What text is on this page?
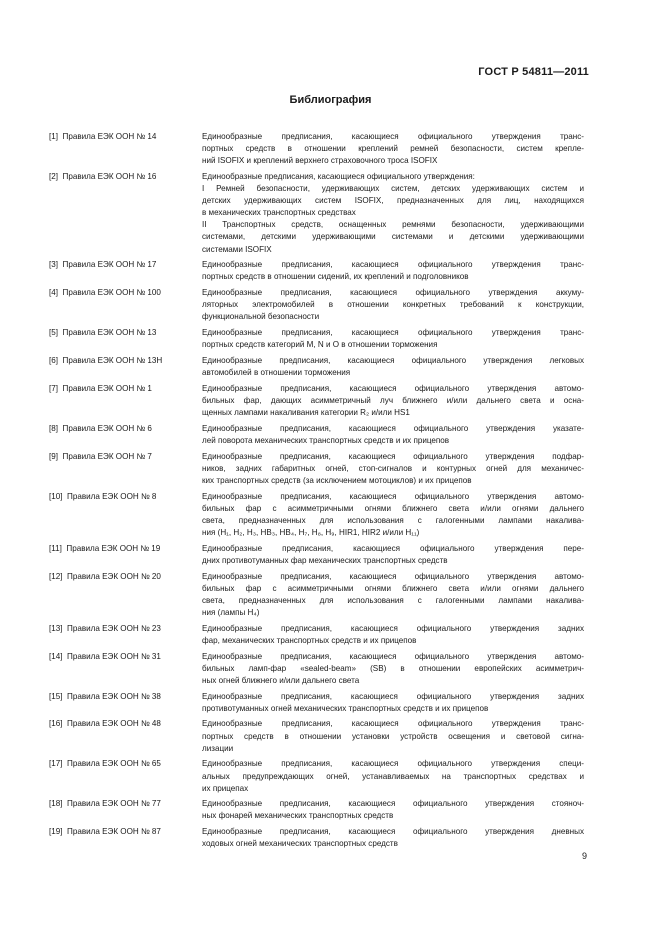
ГОСТ Р 54811—2011
Библиография
[1]  Правила ЕЭК ООН № 14	Единообразные предписания, касающиеся официального утверждения транс-
портных средств в отношении креплений ремней безопасности, систем крепле-
ний ISOFIX и креплений верхнего страховочного троса ISOFIX
[2]  Правила ЕЭК ООН № 16	Единообразные предписания, касающиеся официального утверждения:
I Ремней безопасности, удерживающих систем, детских удерживающих систем и
детских удерживающих систем ISOFIX, предназначенных для лиц, находящихся
в механических транспортных средствах
II Транспортных средств, оснащенных ремнями безопасности, удерживающими
системами, детскими удерживающими системами и детскими удерживающими
системами ISOFIX
[3]  Правила ЕЭК ООН № 17	Единообразные предписания, касающиеся официального утверждения транс-
портных средств в отношении сидений, их креплений и подголовников
[4]  Правила ЕЭК ООН № 100	Единообразные предписания, касающиеся официального утверждения аккуму-
ляторных электромобилей в отношении конкретных требований к конструкции,
функциональной безопасности
[5]  Правила ЕЭК ООН № 13	Единообразные предписания, касающиеся официального утверждения транс-
портных средств категорий M, N и O в отношении торможения
[6]  Правила ЕЭК ООН № 13Н	Единообразные предписания, касающиеся официального утверждения легковых
автомобилей в отношении торможения
[7]  Правила ЕЭК ООН № 1	Единообразные предписания, касающиеся официального утверждения автомо-
бильных фар, дающих асимметричный луч ближнего и/или дальнего света и осна-
щенных лампами накаливания категории R₂ и/или HS1
[8]  Правила ЕЭК ООН № 6	Единообразные предписания, касающиеся официального утверждения указате-
лей поворота механических транспортных средств и их прицепов
[9]  Правила ЕЭК ООН № 7	Единообразные предписания, касающиеся официального утверждения подфар-
ников, задних габаритных огней, стоп-сигналов и контурных огней для механичес-
ких транспортных средств (за исключением мотоциклов) и их прицепов
[10]  Правила ЕЭК ООН № 8	Единообразные предписания, касающиеся официального утверждения автомо-
бильных фар с асимметричными огнями ближнего света и/или огнями дальнего
света, предназначенных для использования с галогенными лампами накалива-
ния (H₁, H₂, H₃, HB₃, HB₄, H₇, H₈, H₉, HIR1, HIR2 и/или H₁₁)
[11]  Правила ЕЭК ООН № 19	Единообразные предписания, касающиеся официального утверждения пере-
дних противотуманных фар механических транспортных средств
[12]  Правила ЕЭК ООН № 20	Единообразные предписания, касающиеся официального утверждения автомо-
бильных фар с асимметричными огнями ближнего света и/или огнями дальнего
света, предназначенных для использования с галогенными лампами накалива-
ния (лампы H₄)
[13]  Правила ЕЭК ООН № 23	Единообразные предписания, касающиеся официального утверждения задних
фар, механических транспортных средств и их прицепов
[14]  Правила ЕЭК ООН № 31	Единообразные предписания, касающиеся официального утверждения автомо-
бильных ламп-фар «sealed-beam» (SB) в отношении европейских асимметрич-
ных огней ближнего и/или дальнего света
[15]  Правила ЕЭК ООН № 38	Единообразные предписания, касающиеся официального утверждения задних
противотуманных огней механических транспортных средств и их прицепов
[16]  Правила ЕЭК ООН № 48	Единообразные предписания, касающиеся официального утверждения транс-
портных средств в отношении установки устройств освещения и световой сигна-
лизации
[17]  Правила ЕЭК ООН № 65	Единообразные предписания, касающиеся официального утверждения специ-
альных предупреждающих огней, устанавливаемых на транспортных средствах и
их прицепах
[18]  Правила ЕЭК ООН № 77	Единообразные предписания, касающиеся официального утверждения стояноч-
ных фонарей механических транспортных средств
[19]  Правила ЕЭК ООН № 87	Единообразные предписания, касающиеся официального утверждения дневных
ходовых огней механических транспортных средств
9
